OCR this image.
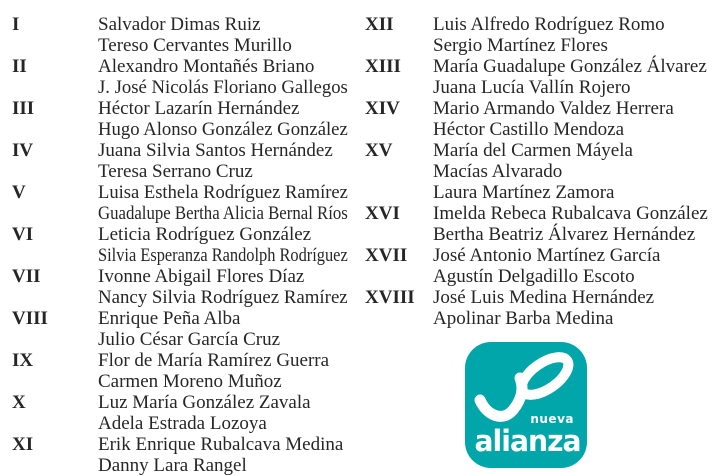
I	Salvador Dimas Ruiz
Tereso Cervantes Murillo
II	Alexandro Montañés Briano
J. José Nicolás Floriano Gallegos
III	Héctor Lazarín Hernández
Hugo Alonso González González
IV	Juana Silvia Santos Hernández
Teresa Serrano Cruz
V	Luisa Esthela Rodríguez Ramírez
Guadalupe Bertha Alicia Bernal Ríos
VI	Leticia Rodríguez González
Silvia Esperanza Randolph Rodríguez
VII	Ivonne Abigail Flores Díaz
Nancy Silvia Rodríguez Ramírez
VIII	Enrique Peña Alba
Julio César García Cruz
IX	Flor de María Ramírez Guerra
Carmen Moreno Muñoz
X	Luz María González Zavala
Adela Estrada Lozoya
XI	Erik Enrique Rubalcava Medina
Danny Lara Rangel
XII	Luis Alfredo Rodríguez Romo
Sergio Martínez Flores
XIII	María Guadalupe González Álvarez
Juana Lucía Vallín Rojero
XIV	Mario Armando Valdez Herrera
Héctor Castillo Mendoza
XV	María del Carmen Máyela
Macías Alvarado
Laura Martínez Zamora
XVI	Imelda Rebeca Rubalcava González
Bertha Beatriz Álvarez Hernández
XVII	José Antonio Martínez García
Agustín Delgadillo Escoto
XVIII José Luis Medina Hernández
Apolinar Barba Medina
nueva
alianza
